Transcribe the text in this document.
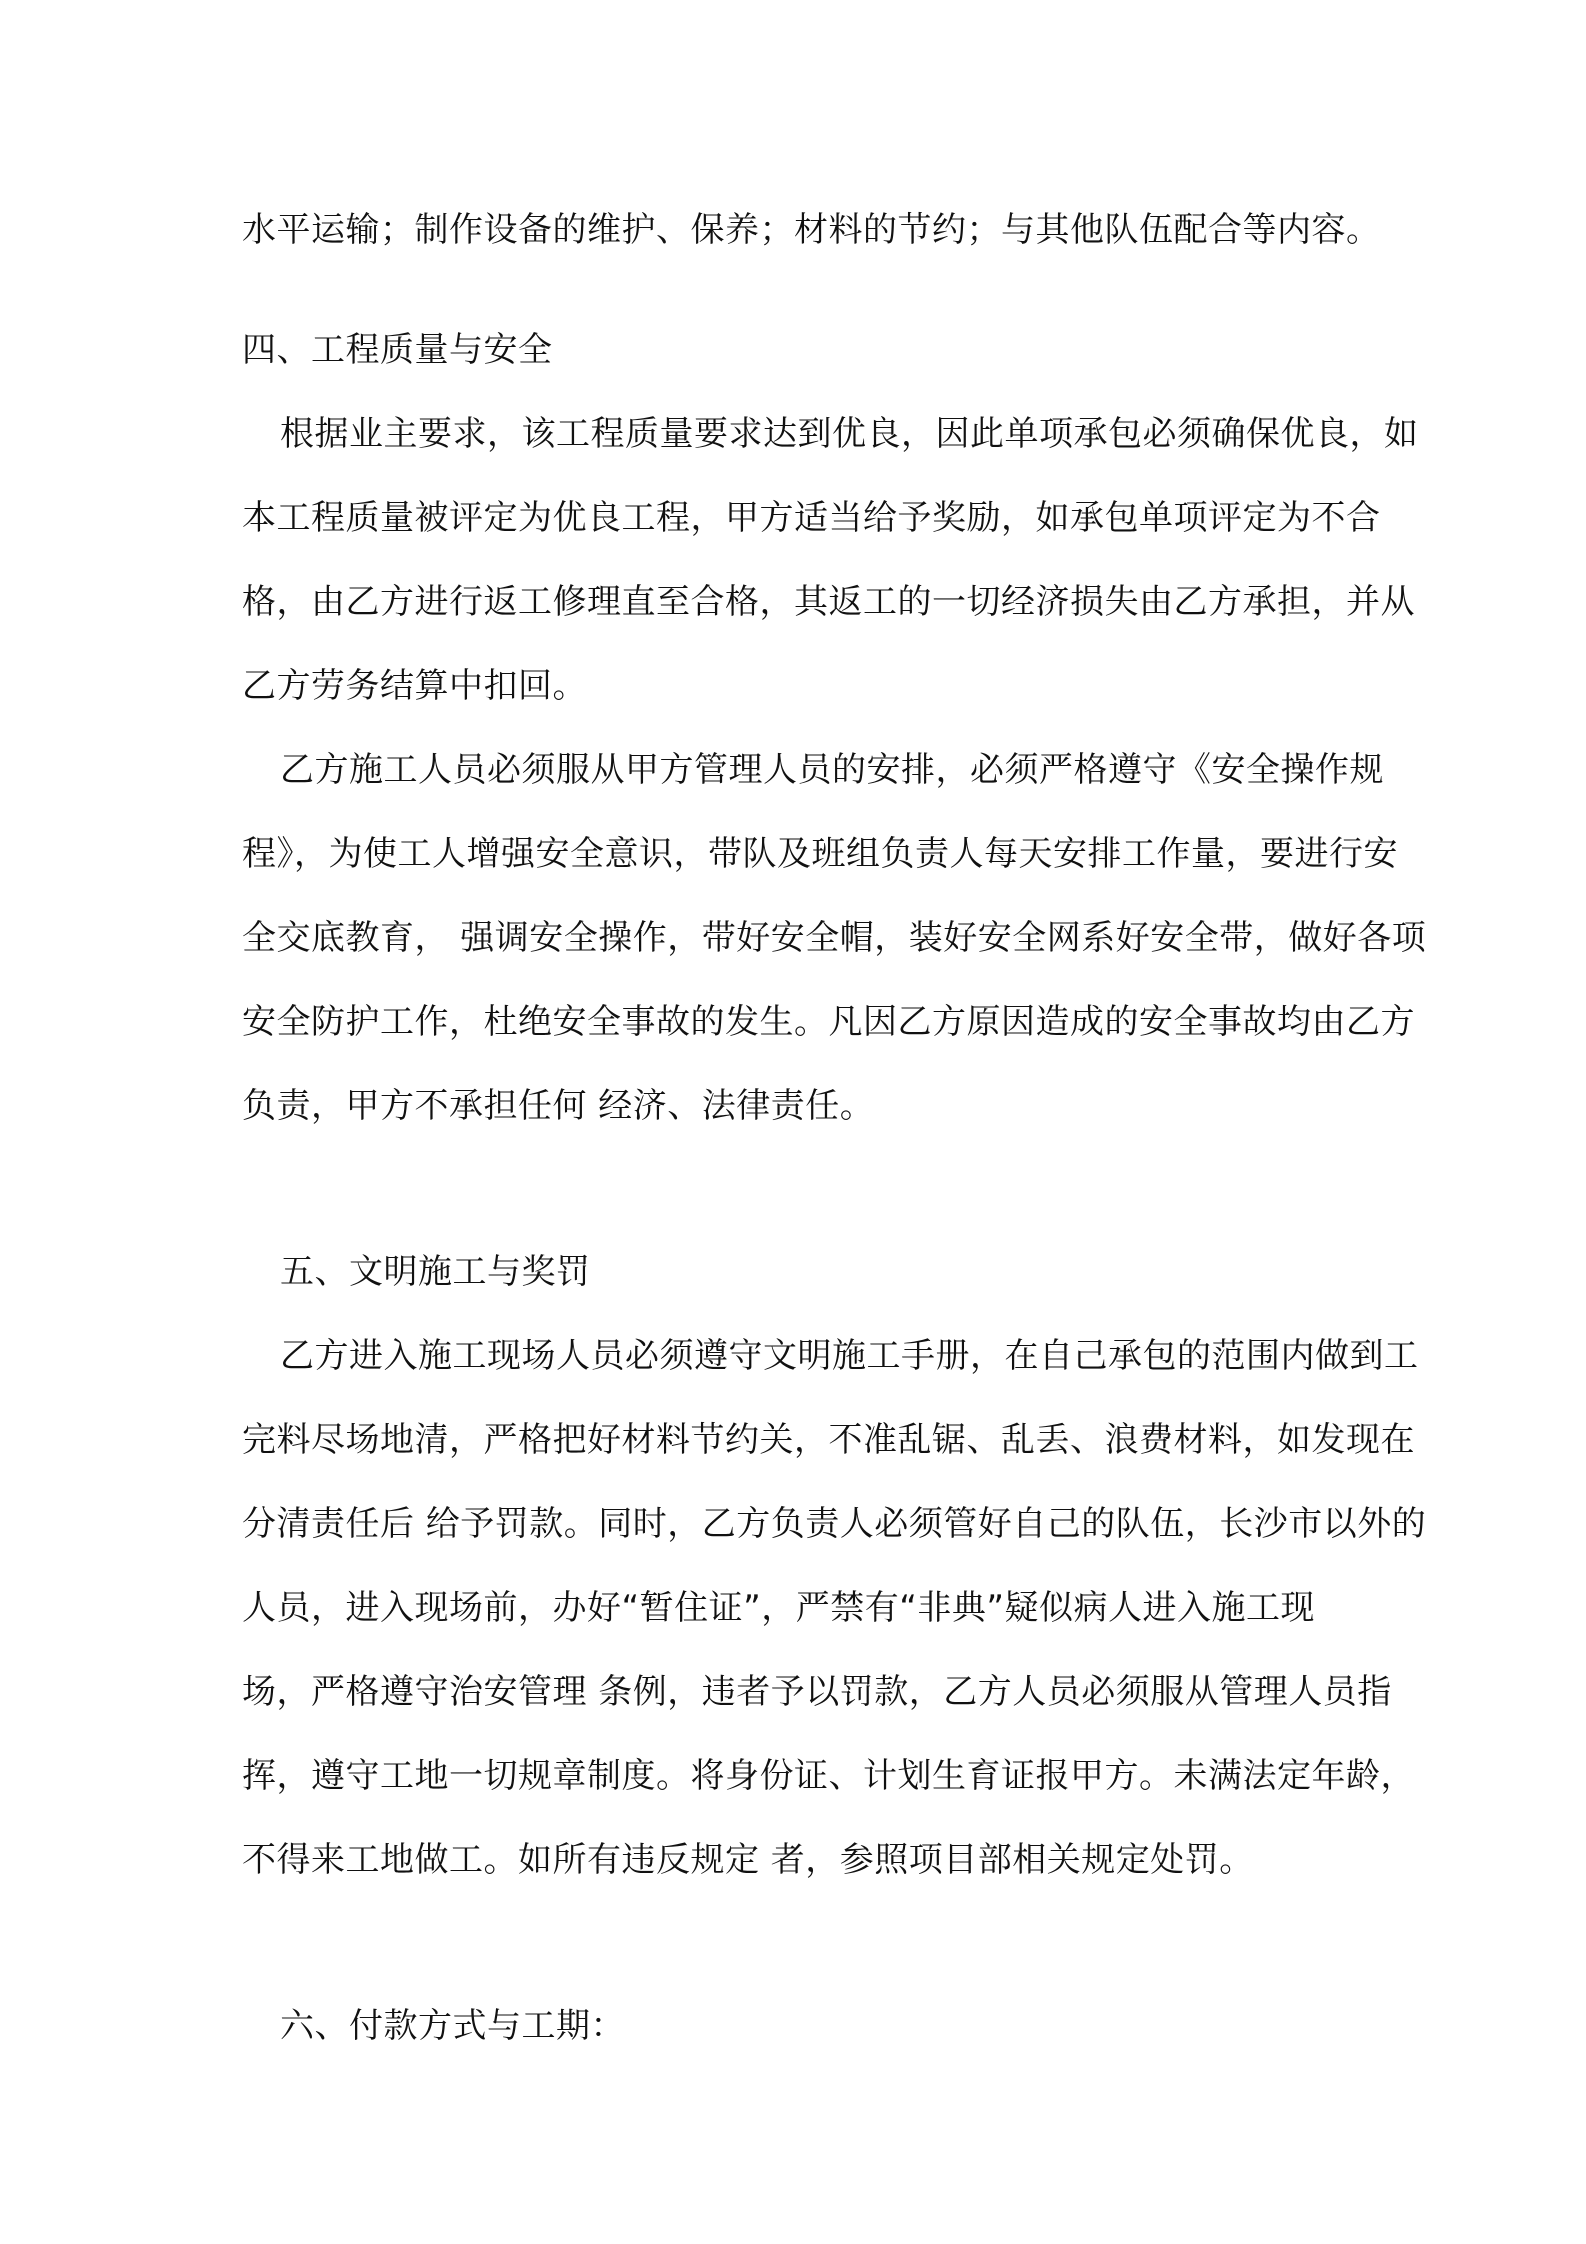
水平运输；制作设备的维护、保养；材料的节约；与其他队伍配合等内容。
四、工程质量与安全
根据业主要求，该工程质量要求达到优良，因此单项承包必须确保优良，如
本工程质量被评定为优良工程，甲方适当给予奖励，如承包单项评定为不合
格，由乙方进行返工修理直至合格，其返工的一切经济损失由乙方承担，并从
乙方劳务结算中扣回。
乙方施工人员必须服从甲方管理人员的安排，必须严格遵守《安全操作规
程》，为使工人增强安全意识，带队及班组负责人每天安排工作量，要进行安
全交底教育， 强调安全操作，带好安全帽，装好安全网系好安全带，做好各项
安全防护工作，杜绝安全事故的发生。凡因乙方原因造成的安全事故均由乙方
负责，甲方不承担任何 经济、法律责任。
五、文明施工与奖罚
乙方进入施工现场人员必须遵守文明施工手册，在自己承包的范围内做到工
完料尽场地清，严格把好材料节约关，不准乱锯、乱丢、浪费材料，如发现在
分清责任后 给予罚款。同时，乙方负责人必须管好自己的队伍，长沙市以外的
人员，进入现场前，办好“暂住证”，严禁有“非典”疑似病人进入施工现
场，严格遵守治安管理 条例，违者予以罚款，乙方人员必须服从管理人员指
挥，遵守工地一切规章制度。将身份证、计划生育证报甲方。未满法定年龄，
不得来工地做工。如所有违反规定 者，参照项目部相关规定处罚。
六、付款方式与工期：
